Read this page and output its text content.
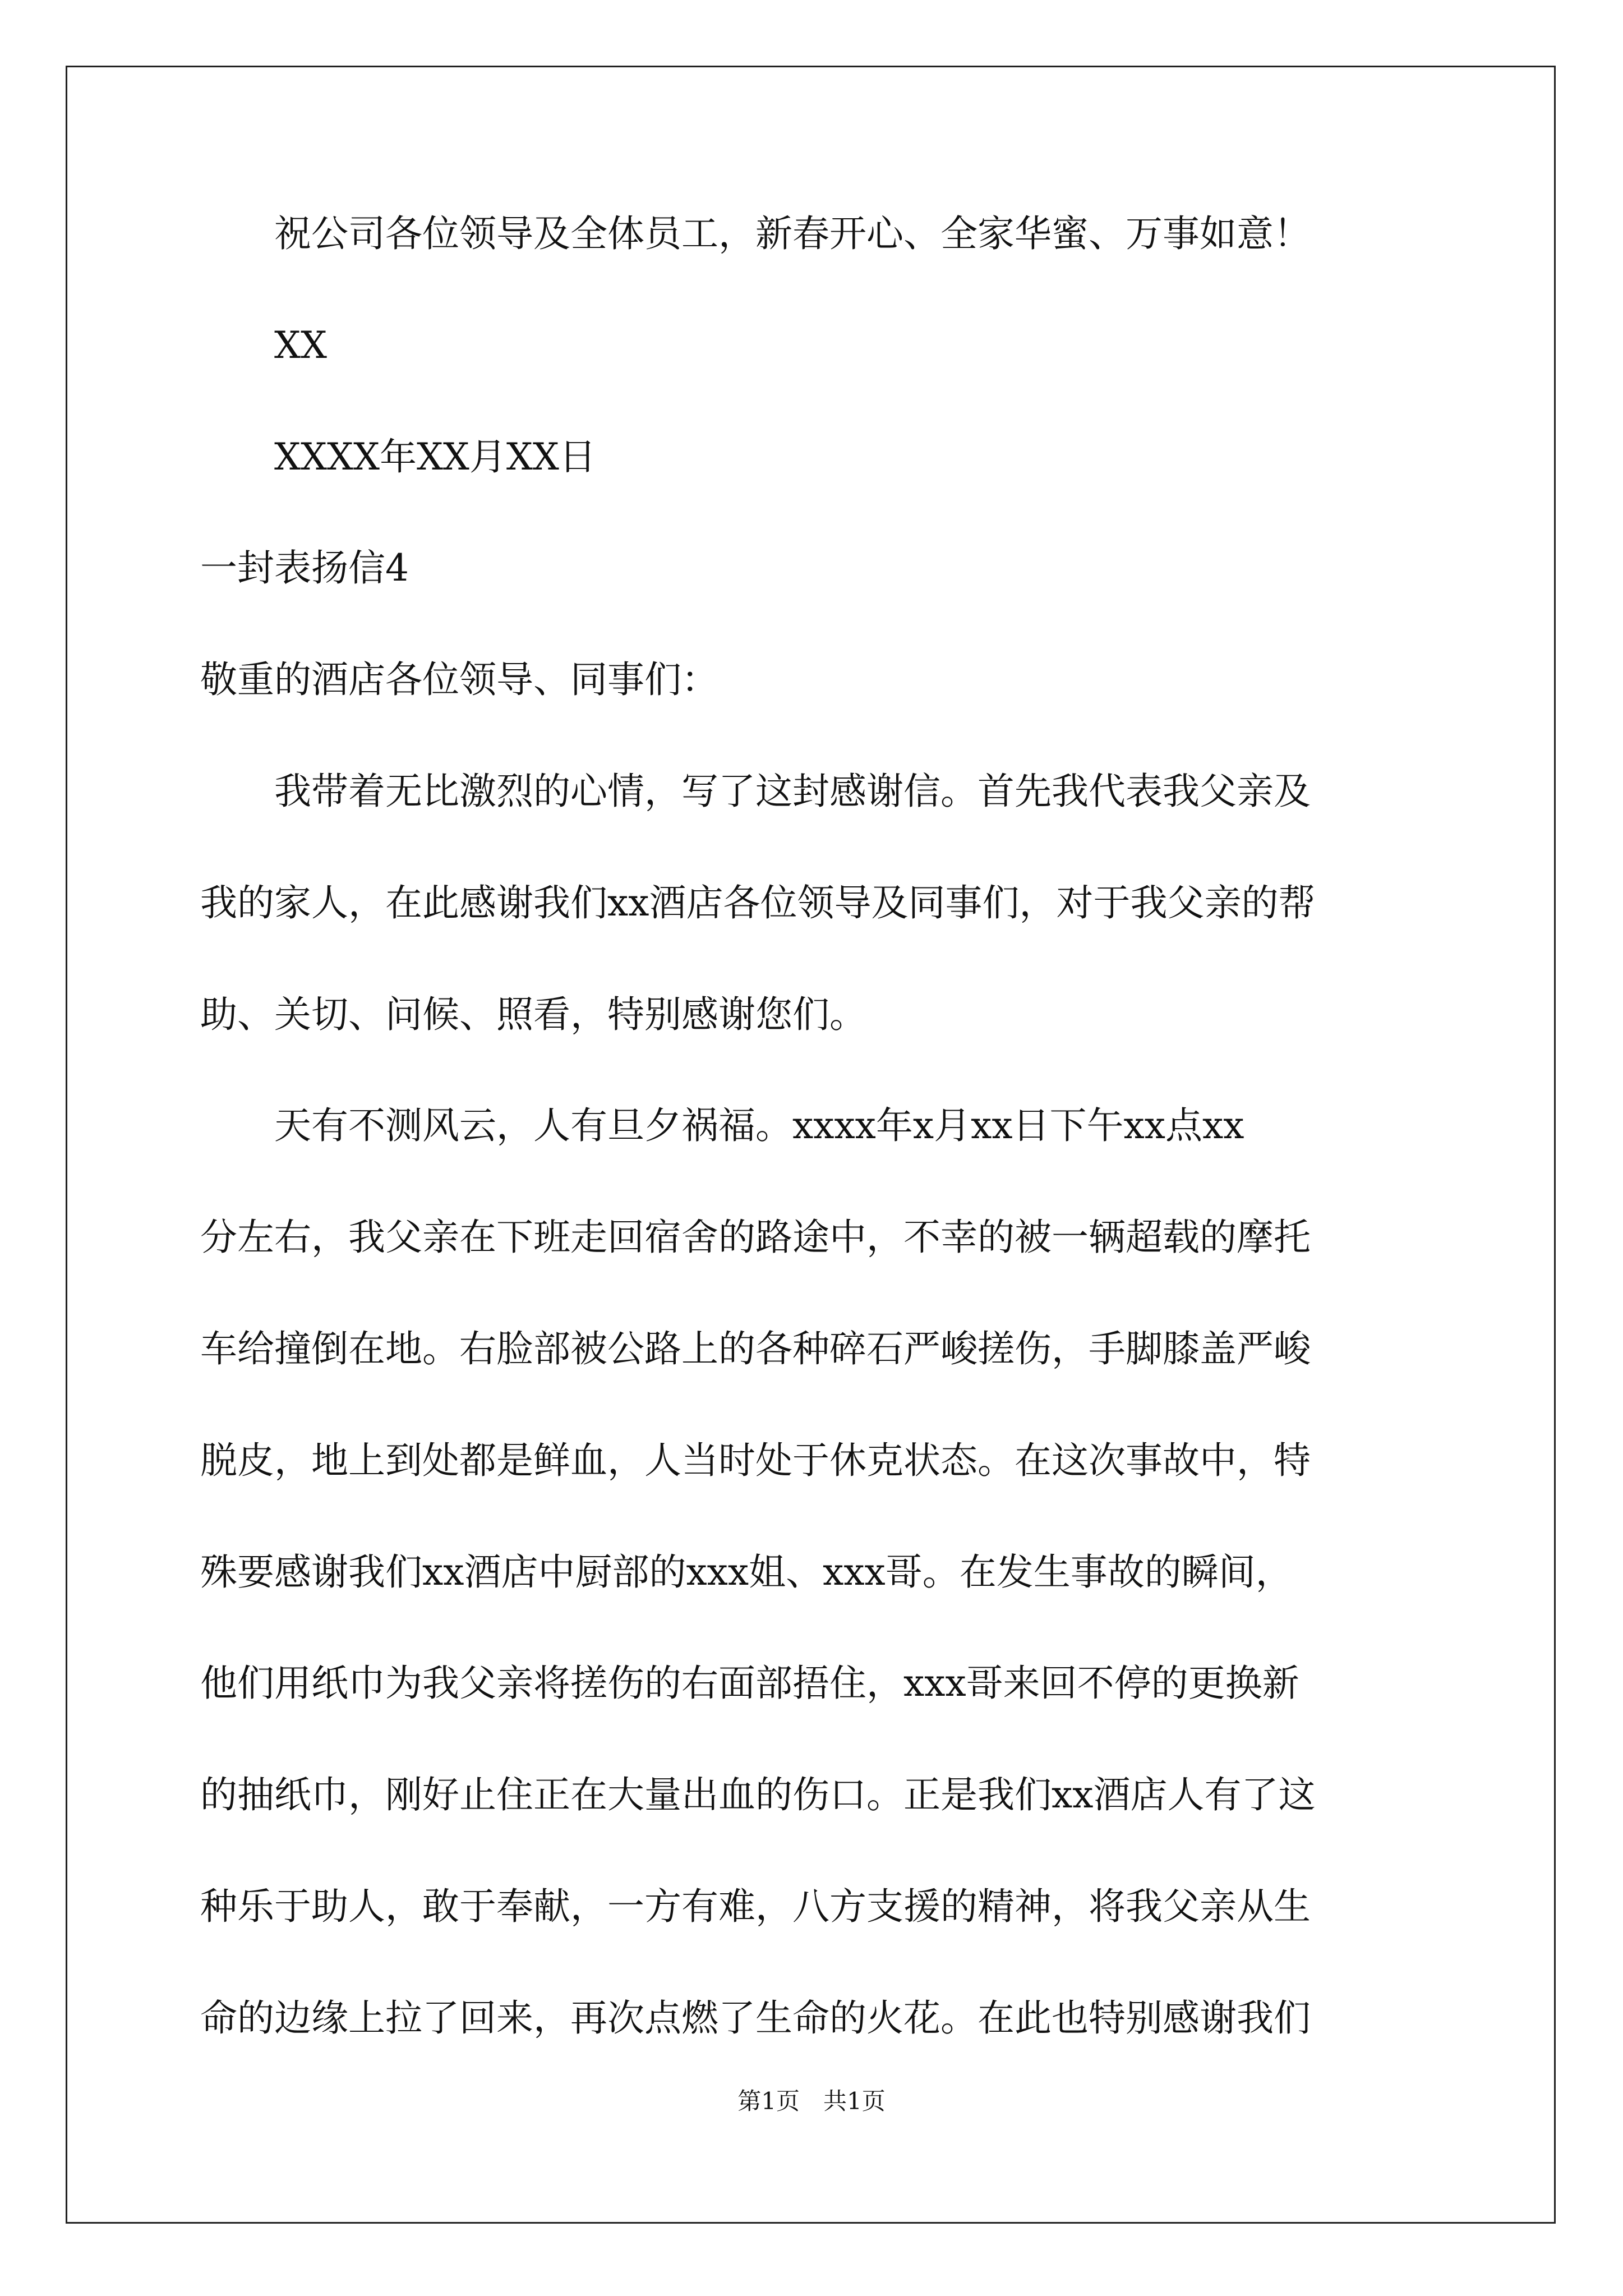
　　祝公司各位领导及全体员工，新春开心、全家华蜜、万事如意！
　　XX
　　XXXX年XX月XX日
一封表扬信4
敬重的酒店各位领导、同事们：
　　我带着无比激烈的心情，写了这封感谢信。首先我代表我父亲及
我的家人，在此感谢我们xx酒店各位领导及同事们，对于我父亲的帮
助、关切、问候、照看，特别感谢您们。
　　天有不测风云，人有旦夕祸福。xxxx年x月xx日下午xx点xx
分左右，我父亲在下班走回宿舍的路途中，不幸的被一辆超载的摩托
车给撞倒在地。右脸部被公路上的各种碎石严峻搓伤，手脚膝盖严峻
脱皮，地上到处都是鲜血，人当时处于休克状态。在这次事故中，特
殊要感谢我们xx酒店中厨部的xxx姐、xxx哥。在发生事故的瞬间，
他们用纸巾为我父亲将搓伤的右面部捂住，xxx哥来回不停的更换新
的抽纸巾，刚好止住正在大量出血的伤口。正是我们xx酒店人有了这
种乐于助人，敢于奉献，一方有难，八方支援的精神，将我父亲从生
命的边缘上拉了回来，再次点燃了生命的火花。在此也特别感谢我们
第1页　共1页
